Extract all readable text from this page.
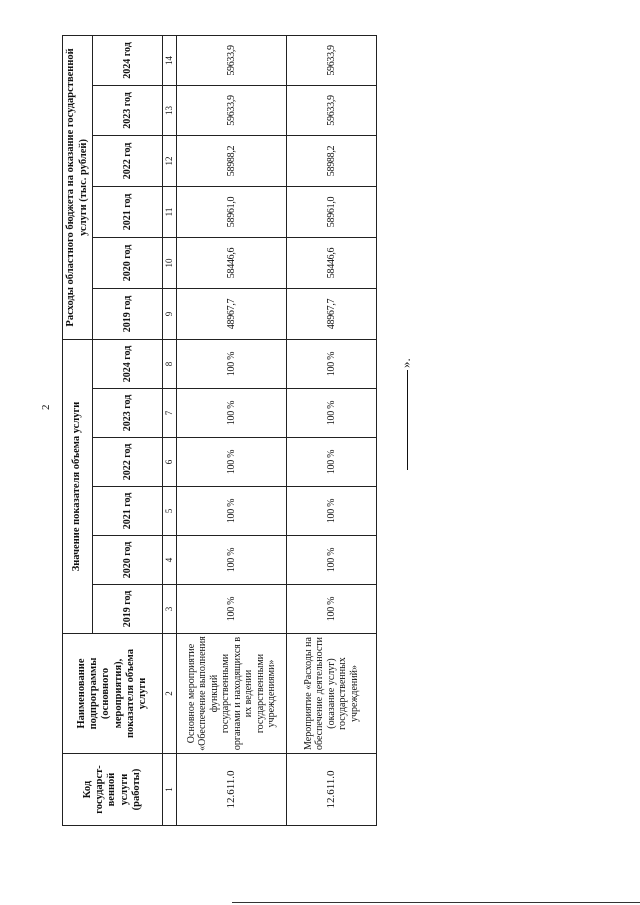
2
Код государст-венной услуги (работы)	Наименование подпрограммы (основного мероприятия), показателя объема услуги	Значение показателя объема услуги						Расходы областного бюджета на оказание государственной услуги (тыс. рублей)					
		2019 год	2020 год	2021 год	2022 год	2023 год	2024 год	2019 год	2020 год	2021 год	2022 год	2023 год	2024 год
1	2	3	4	5	6	7	8	9	10	11	12	13	14
12.611.0	Основное мероприятие «Обеспечение выполнения функций государственными органами и находящихся в их ведении государственными учреждениями»	100 %	100 %	100 %	100 %	100 %	100 %	48967,7	58446,6	58961,0	58988,2	59633,9	59633,9
12.611.0	Мероприятие «Расходы на обеспечение деятельности (оказание услуг) государственных учреждений»	100 %	100 %	100 %	100 %	100 %	100 %	48967,7	58446,6	58961,0	58988,2	59633,9	59633,9
».
